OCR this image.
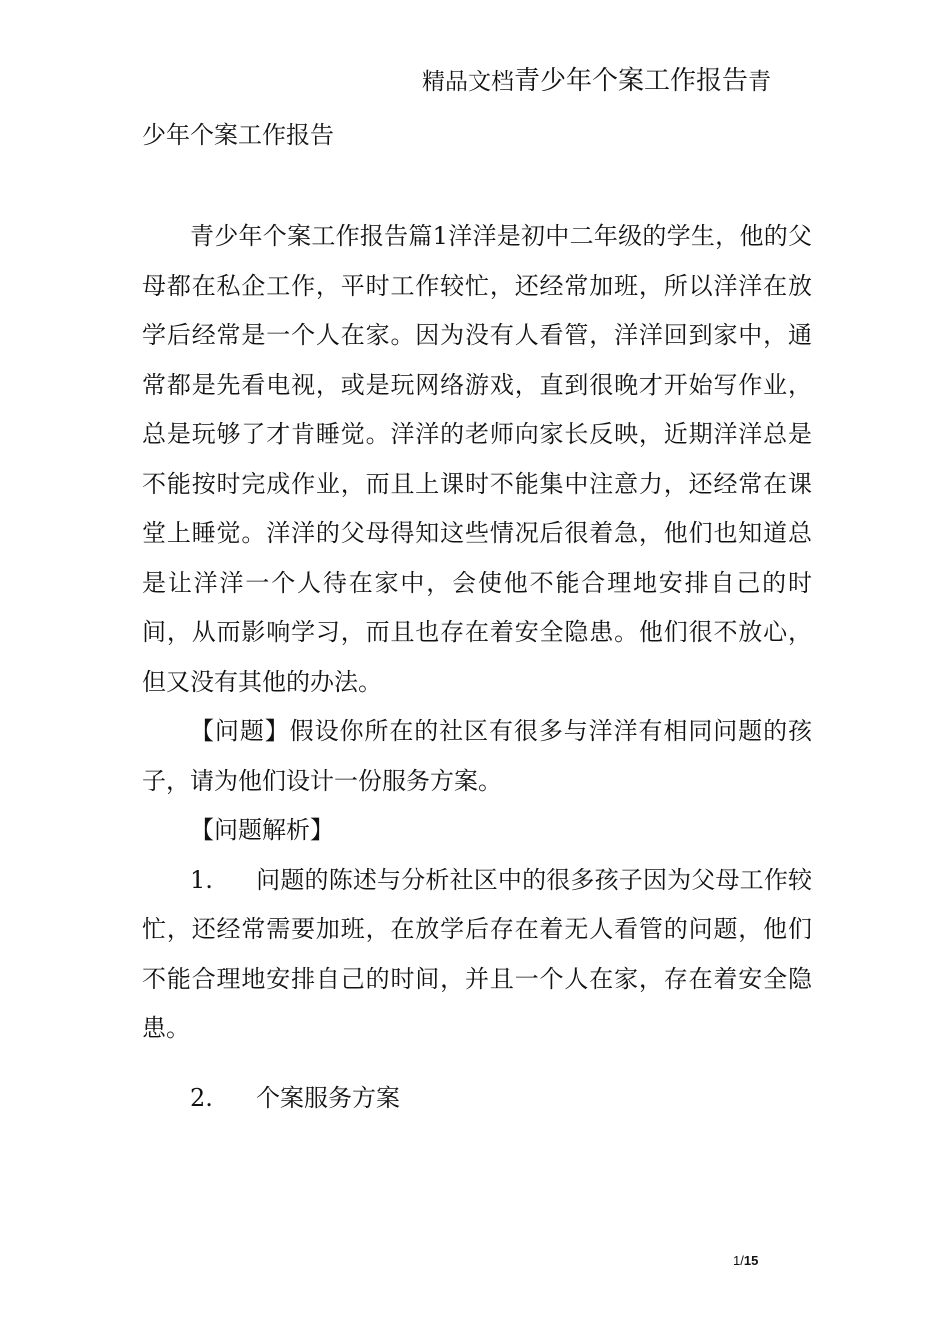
精品文档青少年个案工作报告青
少年个案工作报告

青少年个案工作报告篇1洋洋是初中二年级的学生，他的父母都在私企工作，平时工作较忙，还经常加班，所以洋洋在放学后经常是一个人在家。因为没有人看管，洋洋回到家中，通常都是先看电视，或是玩网络游戏，直到很晚才开始写作业，总是玩够了才肯睡觉。洋洋的老师向家长反映，近期洋洋总是不能按时完成作业，而且上课时不能集中注意力，还经常在课堂上睡觉。洋洋的父母得知这些情况后很着急，他们也知道总是让洋洋一个人待在家中，会使他不能合理地安排自己的时间，从而影响学习，而且也存在着安全隐患。他们很不放心，但又没有其他的办法。

【问题】假设你所在的社区有很多与洋洋有相同问题的孩子，请为他们设计一份服务方案。

【问题解析】

1. 问题的陈述与分析社区中的很多孩子因为父母工作较忙，还经常需要加班，在放学后存在着无人看管的问题，他们不能合理地安排自己的时间，并且一个人在家，存在着安全隐患。

2. 个案服务方案

1/15
